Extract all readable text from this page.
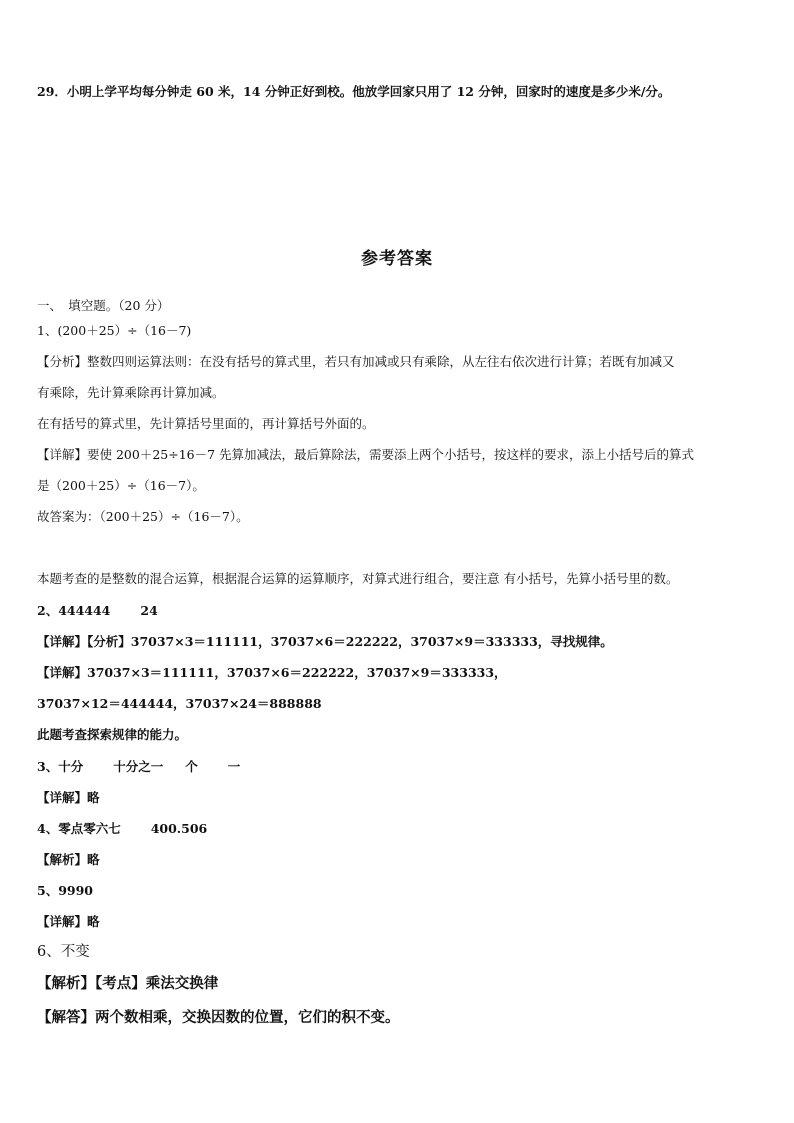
29．小明上学平均每分钟走 60 米，14 分钟正好到校。他放学回家只用了 12 分钟，回家时的速度是多少米/分。
参考答案
一、　填空题。（20 分）
1、(200＋25）÷（16－7)
【分析】整数四则运算法则：在没有括号的算式里，若只有加减或只有乘除，从左往右依次进行计算；若既有加减又
有乘除，先计算乘除再计算加减。
在有括号的算式里，先计算括号里面的，再计算括号外面的。
【详解】要使 200＋25÷16－7 先算加减法，最后算除法，需要添上两个小括号，按这样的要求，添上小括号后的算式
是（200＋25）÷（16－7）。
故答案为：（200＋25）÷（16－7）。
本题考查的是整数的混合运算，根据混合运算的运算顺序，对算式进行组合，要注意 有小括号，先算小括号里的数。
2、444444 24
【详解】【分析】37037×3＝111111，37037×6＝222222，37037×9＝333333，寻找规律。
【详解】37037×3＝111111，37037×6＝222222，37037×9＝333333，
37037×12＝444444，37037×24＝888888
此题考查探索规律的能力。
3、十分 十分之一 个 一
【详解】略
4、零点零六七 400.506
【解析】略
5、9990
【详解】略
6、不变
【解析】【考点】乘法交换律
【解答】两个数相乘，交换因数的位置，它们的积不变。
